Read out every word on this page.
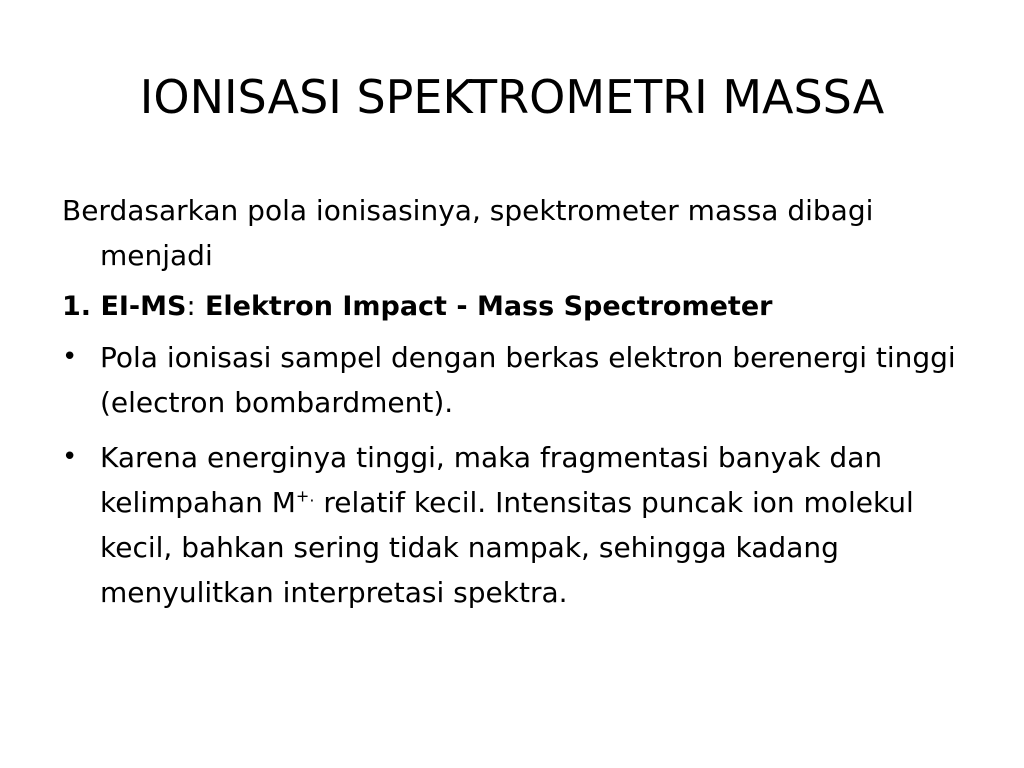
IONISASI SPEKTROMETRI MASSA

Berdasarkan pola ionisasinya, spektrometer massa dibagi menjadi

1. EI-MS: Elektron Impact - Mass Spectrometer

• Pola ionisasi sampel dengan berkas elektron berenergi tinggi (electron bombardment).
• Karena energinya tinggi, maka fragmentasi banyak dan kelimpahan M+. relatif kecil. Intensitas puncak ion molekul kecil, bahkan sering tidak nampak, sehingga kadang menyulitkan interpretasi spektra.
